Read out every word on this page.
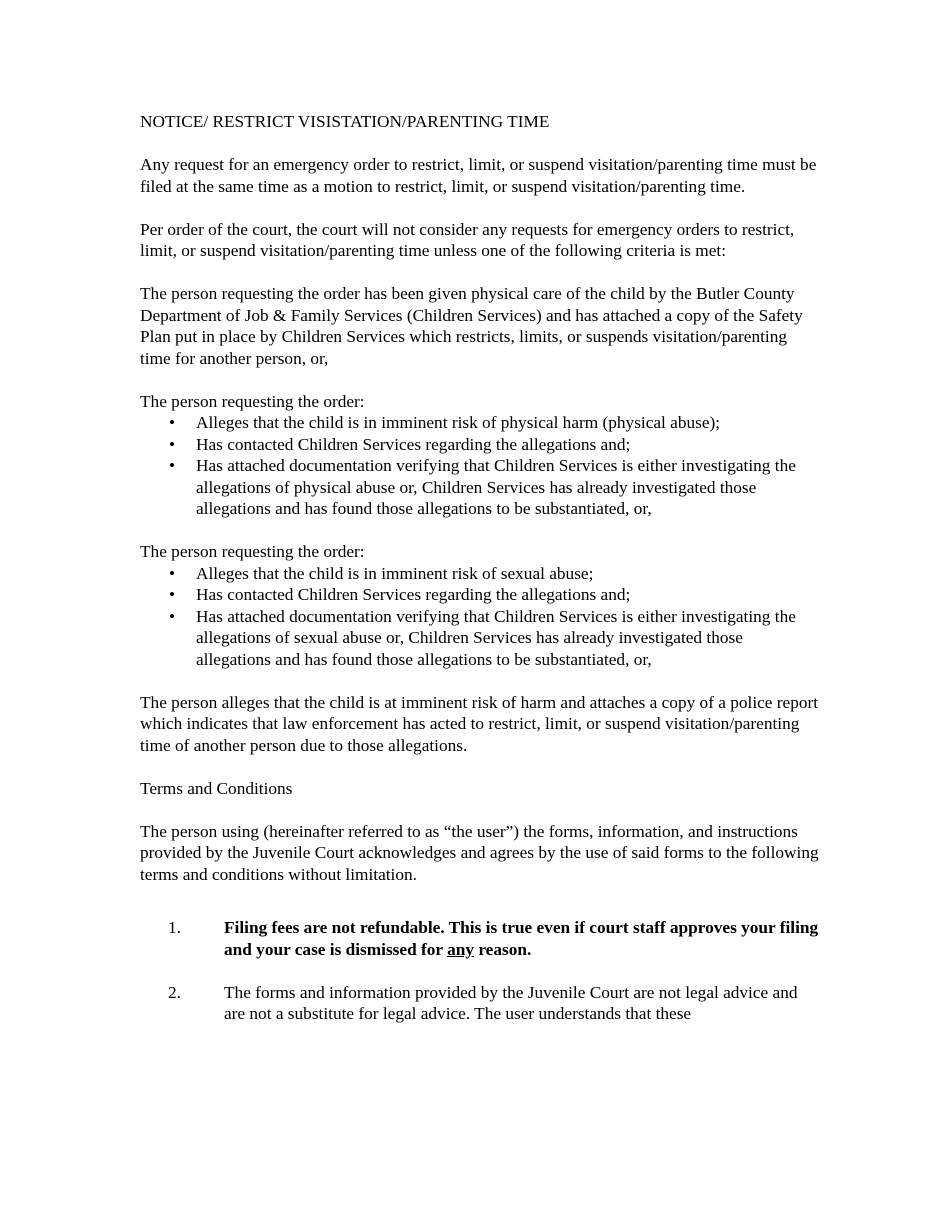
NOTICE/ RESTRICT VISISTATION/PARENTING TIME

Any request for an emergency order to restrict, limit, or suspend visitation/parenting time must be filed at the same time as a motion to restrict, limit, or suspend visitation/parenting time.

Per order of the court, the court will not consider any requests for emergency orders to restrict, limit, or suspend visitation/parenting time unless one of the following criteria is met:

The person requesting the order has been given physical care of the child by the Butler County Department of Job & Family Services (Children Services) and has attached a copy of the Safety Plan put in place by Children Services which restricts, limits, or suspends visitation/parenting time for another person, or,

The person requesting the order:

• Alleges that the child is in imminent risk of physical harm (physical abuse);
• Has contacted Children Services regarding the allegations and;
• Has attached documentation verifying that Children Services is either investigating the allegations of physical abuse or, Children Services has already investigated those allegations and has found those allegations to be substantiated, or,

The person requesting the order:

• Alleges that the child is in imminent risk of sexual abuse;
• Has contacted Children Services regarding the allegations and;
• Has attached documentation verifying that Children Services is either investigating the allegations of sexual abuse or, Children Services has already investigated those allegations and has found those allegations to be substantiated, or,

The person alleges that the child is at imminent risk of harm and attaches a copy of a police report which indicates that law enforcement has acted to restrict, limit, or suspend visitation/parenting time of another person due to those allegations.

Terms and Conditions

The person using (hereinafter referred to as “the user”) the forms, information, and instructions provided by the Juvenile Court acknowledges and agrees by the use of said forms to the following terms and conditions without limitation.

1. Filing fees are not refundable. This is true even if court staff approves your filing and your case is dismissed for any reason.
2. The forms and information provided by the Juvenile Court are not legal advice and are not a substitute for legal advice. The user understands that these
